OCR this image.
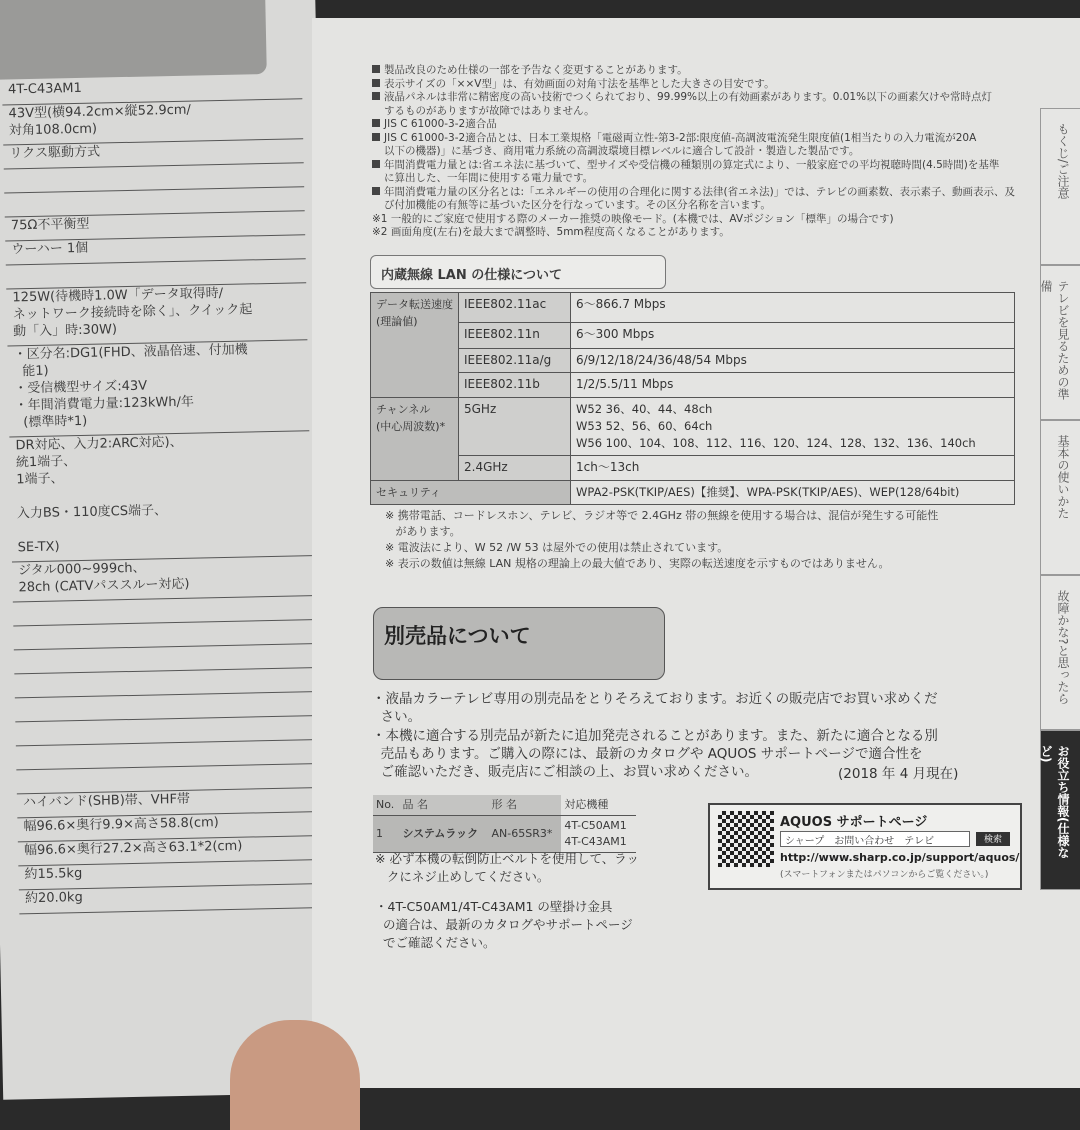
4T-C43AM1
43V型(横94.2cm×縦52.9cm/
対角108.0cm)
リクス駆動方式
75Ω不平衡型
ウーハー 1個
125W(待機時1.0W「データ取得時/
ネットワーク接続時を除く」、クイック起
動「入」時:30W)
・区分名:DG1(FHD、液晶倍速、付加機
能1)
・受信機型サイズ:43V
・年間消費電力量:123kWh/年
(標準時*1)
DR対応、入力2:ARC対応)、
統1端子、
1端子、

入力BS・110度CS端子、

SE-TX)
ジタル000~999ch、
28ch (CATVパススルー対応)
ハイバンド(SHB)帯、VHF帯
幅96.6×奥行9.9×高さ58.8(cm)
幅96.6×奥行27.2×高さ63.1*2(cm)
約15.5kg
約20.0kg
製品改良のため仕様の一部を予告なく変更することがあります。
表示サイズの「××V型」は、有効画面の対角寸法を基準とした大きさの目安です。
液晶パネルは非常に精密度の高い技術でつくられており、99.99%以上の有効画素があります。0.01%以下の画素欠けや常時点灯
するものがありますが故障ではありません。
JIS C 61000-3-2適合品
JIS C 61000-3-2適合品とは、日本工業規格「電磁両立性-第3-2部:限度値-高調波電流発生限度値(1相当たりの入力電流が20A
以下の機器)」に基づき、商用電力系統の高調波環境目標レベルに適合して設計・製造した製品です。
年間消費電力量とは:省エネ法に基づいて、型サイズや受信機の種類別の算定式により、一般家庭での平均視聴時間(4.5時間)を基準
に算出した、一年間に使用する電力量です。
年間消費電力量の区分名とは:「エネルギーの使用の合理化に関する法律(省エネ法)」では、テレビの画素数、表示素子、動画表示、及
び付加機能の有無等に基づいた区分を行なっています。その区分名称を言います。
※1 一般的にご家庭で使用する際のメーカー推奨の映像モード。(本機では、AVポジション「標準」の場合です)
※2 画面角度(左右)を最大まで調整時、5mm程度高くなることがあります。
内蔵無線 LAN の仕様について
データ転送速度
(理論値)	IEEE802.11ac	6～866.7 Mbps
	IEEE802.11n	6～300 Mbps
	IEEE802.11a/g	6/9/12/18/24/36/48/54 Mbps
	IEEE802.11b	1/2/5.5/11 Mbps
チャンネル
(中心周波数)*	5GHz	W52 36、40、44、48ch
W53 52、56、60、64ch
W56 100、104、108、112、116、120、124、128、132、136、140ch
	2.4GHz	1ch～13ch
セキュリティ		WPA2-PSK(TKIP/AES)【推奨】、WPA-PSK(TKIP/AES)、WEP(128/64bit)
※ 携帯電話、コードレスホン、テレビ、ラジオ等で 2.4GHz 帯の無線を使用する場合は、混信が発生する可能性
があります。
※ 電波法により、W 52 /W 53 は屋外での使用は禁止されています。
※ 表示の数値は無線 LAN 規格の理論上の最大値であり、実際の転送速度を示すものではありません。
別売品について
・液晶カラーテレビ専用の別売品をとりそろえております。お近くの販売店でお買い求めくだ
さい。
・本機に適合する別売品が新たに追加発売されることがあります。また、新たに適合となる別
売品もあります。ご購入の際には、最新のカタログや AQUOS サポートページで適合性を
ご確認いただき、販売店にご相談の上、お買い求めください。	(2018 年 4 月現在)
No.	品 名	形 名	対応機種
1	システムラック	AN-65SR3*	4T-C50AM1
4T-C43AM1
※ 必ず本機の転倒防止ベルトを使用して、ラッ
クにネジ止めしてください。
・4T-C50AM1/4T-C43AM1 の壁掛け金具
の適合は、最新のカタログやサポートページ
でご確認ください。
AQUOS サポートページ
シャープ　お問い合わせ　テレビ	検索
http://www.sharp.co.jp/support/aquos/
(スマートフォンまたはパソコンからご覧ください。)
もくじ/ご注意
テレビを見るための準備
基本の使いかた
故障かな?と思ったら
お役立ち情報(仕様など)
